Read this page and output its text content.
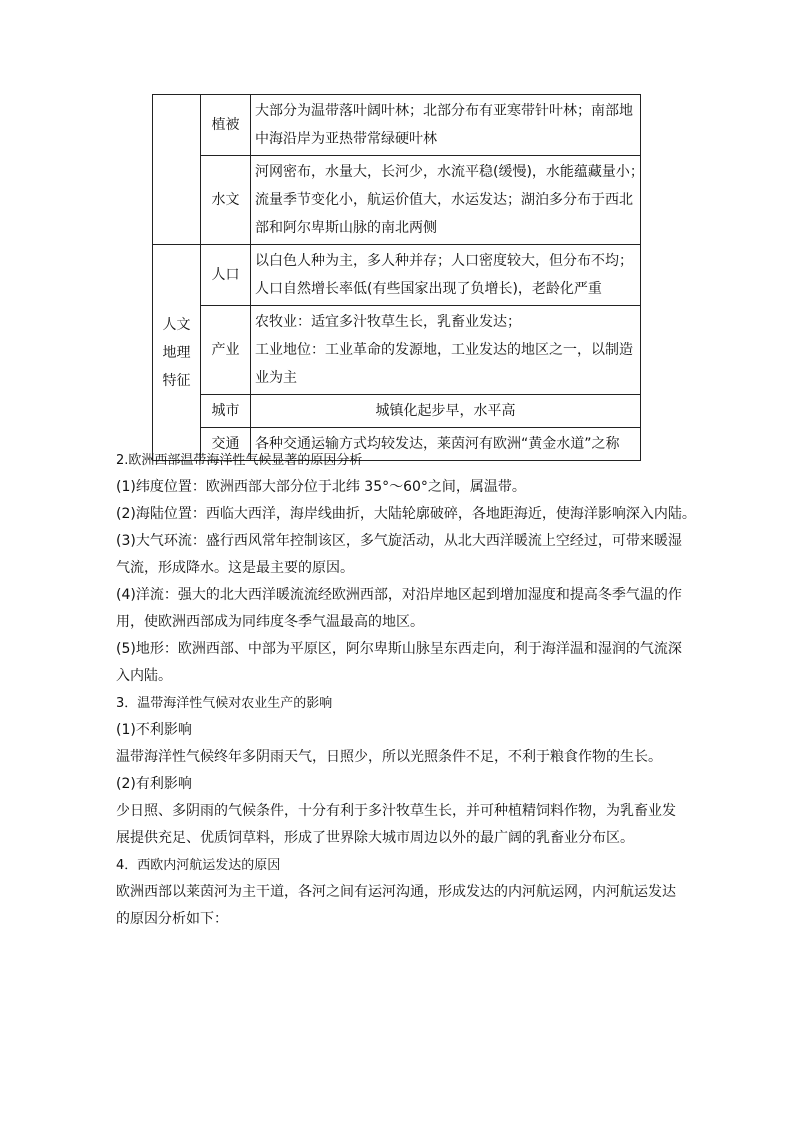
	植被	大部分为温带落叶阔叶林；北部分布有亚寒带针叶林；南部地
中海沿岸为亚热带常绿硬叶林

	水文	河网密布，水量大，长河少，水流平稳(缓慢)，水能蕴藏量小；
流量季节变化小，航运价值大，水运发达；湖泊多分布于西北
部和阿尔卑斯山脉的南北两侧

人文
地理
特征	人口	以白色人种为主，多人种并存；人口密度较大，但分布不均；
人口自然增长率低(有些国家出现了负增长)，老龄化严重

	产业	农牧业：适宜多汁牧草生长，乳畜业发达；
工业地位：工业革命的发源地，工业发达的地区之一，以制造
业为主

	城市	城镇化起步早，水平高
	交通	各种交通运输方式均较发达，莱茵河有欧洲“黄金水道”之称

2.欧洲西部温带海洋性气候显著的原因分析

(1)纬度位置：欧洲西部大部分位于北纬 35°～60°之间，属温带。

(2)海陆位置：西临大西洋，海岸线曲折，大陆轮廓破碎，各地距海近，使海洋影响深入内陆。

(3)大气环流：盛行西风常年控制该区，多气旋活动，从北大西洋暖流上空经过，可带来暖湿

气流，形成降水。这是最主要的原因。

(4)洋流：强大的北大西洋暖流流经欧洲西部，对沿岸地区起到增加湿度和提高冬季气温的作

用，使欧洲西部成为同纬度冬季气温最高的地区。

(5)地形：欧洲西部、中部为平原区，阿尔卑斯山脉呈东西走向，利于海洋温和湿润的气流深

入内陆。

3．温带海洋性气候对农业生产的影响

(1)不利影响

温带海洋性气候终年多阴雨天气，日照少，所以光照条件不足，不利于粮食作物的生长。

(2)有利影响

少日照、多阴雨的气候条件，十分有利于多汁牧草生长，并可种植精饲料作物，为乳畜业发

展提供充足、优质饲草料，形成了世界除大城市周边以外的最广阔的乳畜业分布区。

4．西欧内河航运发达的原因

欧洲西部以莱茵河为主干道，各河之间有运河沟通，形成发达的内河航运网，内河航运发达

的原因分析如下：
